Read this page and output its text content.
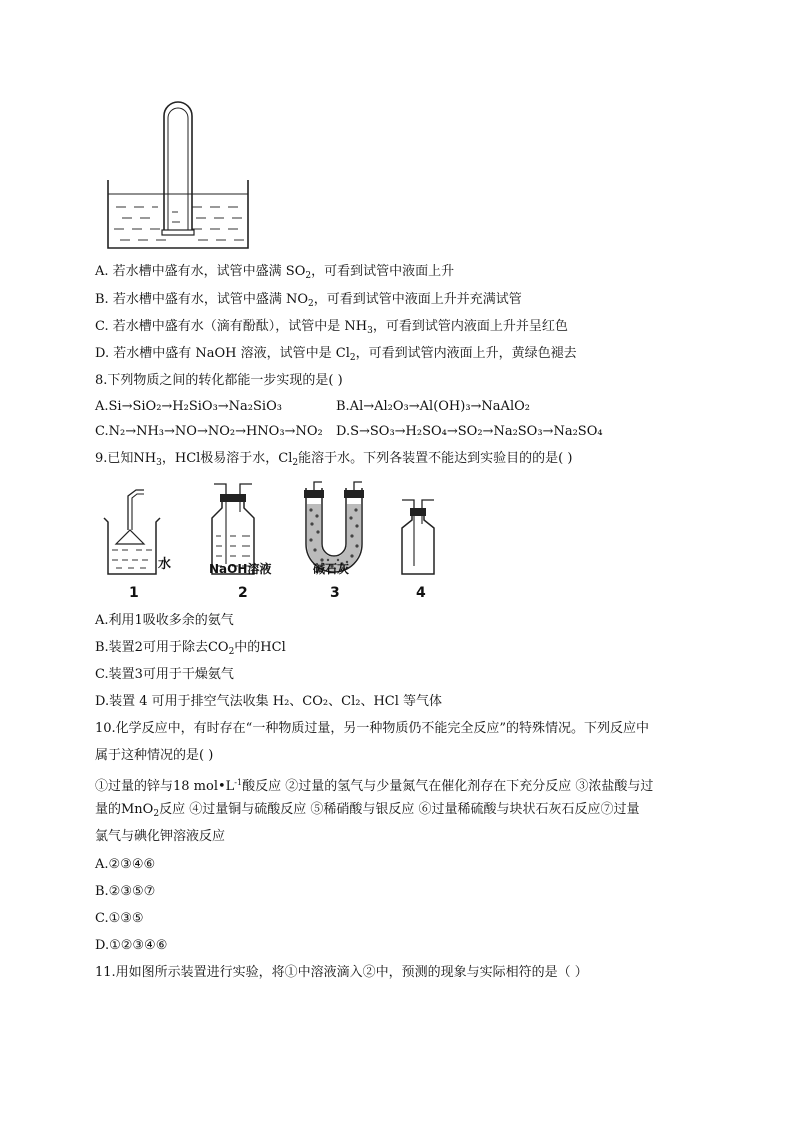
A. 若水槽中盛有水，试管中盛满 $SO_2$，可看到试管中液面上升
B. 若水槽中盛有水，试管中盛满 $NO_2$，可看到试管中液面上升并充满试管
C. 若水槽中盛有水（滴有酚酞），试管中是 $NH_3$，可看到试管内液面上升并呈红色
D. 若水槽中盛有 NaOH 溶液，试管中是 $Cl_2$，可看到试管内液面上升，黄绿色褪去
8.下列物质之间的转化都能一步实现的是( )
A.Si→SiO₂→H₂SiO₃→Na₂SiO₃	B.Al→Al₂O₃→Al(OH)₃→NaAlO₂
C.N₂→NH₃→NO→NO₂→HNO₃→NO₂ D.S→SO₃→H₂SO₄→SO₂→Na₂SO₃→Na₂SO₄
9.已知$NH_3$，HCl极易溶于水，$Cl_2$能溶于水。下列各装置不能达到实验目的的是( )
水	NaOH溶液	碱石灰
1	2	3	4
A.利用1吸收多余的氨气
B.装置2可用于除去$CO_2$中的HCl
C.装置3可用于干燥氨气
D.装置 4 可用于排空气法收集 H₂、CO₂、Cl₂、HCl 等气体
10.化学反应中，有时存在“一种物质过量，另一种物质仍不能完全反应”的特殊情况。下列反应中
属于这种情况的是( )
①过量的锌与18 $mol•L^{-1}$酸反应 ②过量的氢气与少量氮气在催化剂存在下充分反应 ③浓盐酸与过
量的MnO$_2$反应 ④过量铜与硫酸反应 ⑤稀硝酸与银反应 ⑥过量稀硫酸与块状石灰石反应⑦过量
氯气与碘化钾溶液反应
A.②③④⑥
B.②③⑤⑦
C.①③⑤
D.①②③④⑥
11.用如图所示装置进行实验，将①中溶液滴入②中，预测的现象与实际相符的是（ ）
